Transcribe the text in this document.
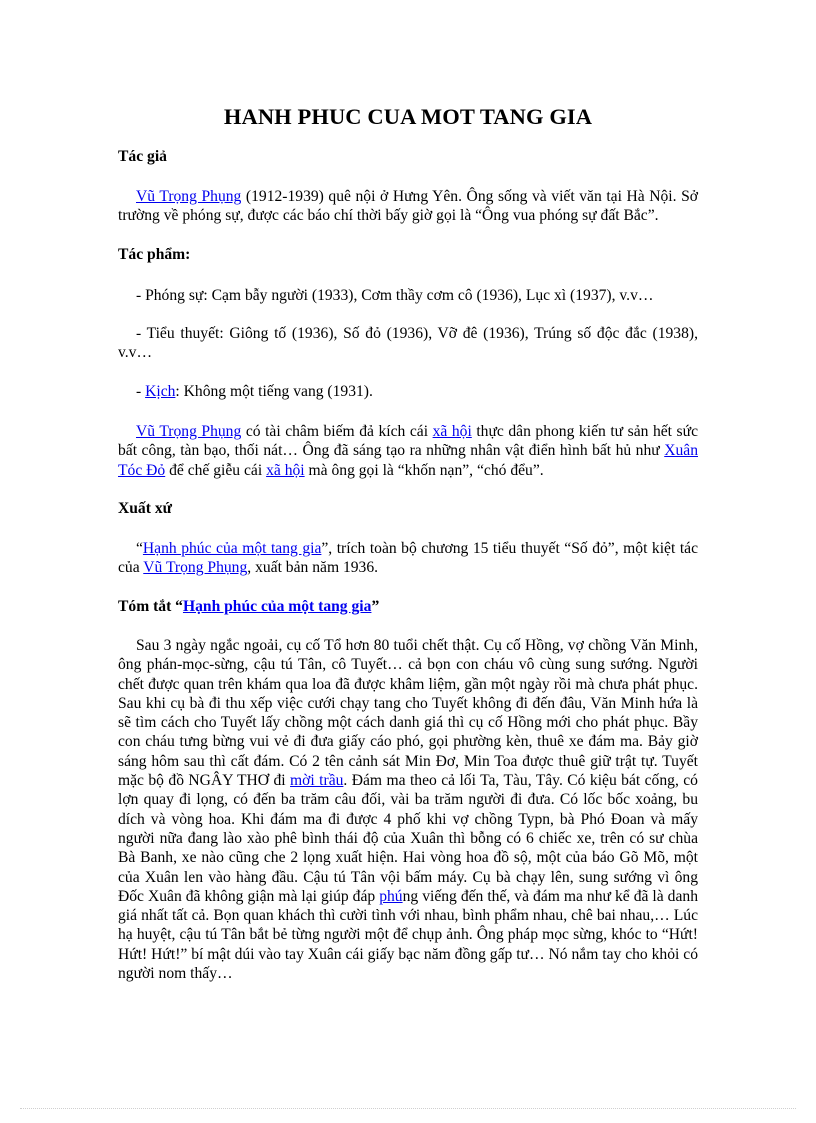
HANH PHUC CUA MOT TANG GIA
Tác giả
Vũ Trọng Phụng (1912-1939) quê nội ở Hưng Yên. Ông sống và viết văn tại Hà Nội. Sở trường về phóng sự, được các báo chí thời bấy giờ gọi là “Ông vua phóng sự đất Bắc”.
Tác phẩm:
- Phóng sự: Cạm bẫy người (1933), Cơm thầy cơm cô (1936), Lục xì (1937), v.v…
- Tiểu thuyết: Giông tố (1936), Số đỏ (1936), Vỡ đê (1936), Trúng số độc đắc (1938), v.v…
- Kịch: Không một tiếng vang (1931).
Vũ Trọng Phụng có tài châm biếm đả kích cái xã hội thực dân phong kiến tư sản hết sức bất công, tàn bạo, thối nát… Ông đã sáng tạo ra những nhân vật điển hình bất hủ như Xuân Tóc Đỏ để chế giễu cái xã hội mà ông gọi là “khốn nạn”, “chó đểu”.
Xuất xứ
“Hạnh phúc của một tang gia”, trích toàn bộ chương 15 tiểu thuyết “Số đỏ”, một kiệt tác của Vũ Trọng Phụng, xuất bản năm 1936.
Tóm tắt “Hạnh phúc của một tang gia”
Sau 3 ngày ngắc ngoải, cụ cố Tổ hơn 80 tuổi chết thật. Cụ cố Hồng, vợ chồng Văn Minh, ông phán-mọc-sừng, cậu tú Tân, cô Tuyết… cả bọn con cháu vô cùng sung sướng. Người chết được quan trên khám qua loa đã được khâm liệm, gần một ngày rồi mà chưa phát phục. Sau khi cụ bà đi thu xếp việc cưới chạy tang cho Tuyết không đi đến đâu, Văn Minh hứa là sẽ tìm cách cho Tuyết lấy chồng một cách danh giá thì cụ cố Hồng mới cho phát phục. Bầy con cháu tưng bừng vui vẻ đi đưa giấy cáo phó, gọi phường kèn, thuê xe đám ma. Bảy giờ sáng hôm sau thì cất đám. Có 2 tên cảnh sát Min Đơ, Min Toa được thuê giữ trật tự. Tuyết mặc bộ đồ NGÂY THƠ đi mời trầu. Đám ma theo cả lối Ta, Tàu, Tây. Có kiệu bát cống, có lợn quay đi lọng, có đến ba trăm câu đối, vài ba trăm người đi đưa. Có lốc bốc xoảng, bu dích và vòng hoa. Khi đám ma đi được 4 phố khi vợ chồng Typn, bà Phó Đoan và mấy người nữa đang lào xào phê bình thái độ của Xuân thì bỗng có 6 chiếc xe, trên có sư chùa Bà Banh, xe nào cũng che 2 lọng xuất hiện. Hai vòng hoa đồ sộ, một của báo Gõ Mõ, một của Xuân len vào hàng đầu. Cậu tú Tân vội bấm máy. Cụ bà chạy lên, sung sướng vì ông Đốc Xuân đã không giận mà lại giúp đáp phúng viếng đến thế, và đám ma như kể đã là danh giá nhất tất cả. Bọn quan khách thì cười tình với nhau, bình phẩm nhau, chê bai nhau,… Lúc hạ huyệt, cậu tú Tân bắt bẻ từng người một để chụp ảnh. Ông pháp mọc sừng, khóc to “Hứt! Hứt! Hứt!” bí mật dúi vào tay Xuân cái giấy bạc năm đồng gấp tư… Nó nắm tay cho khỏi có người nom thấy…
